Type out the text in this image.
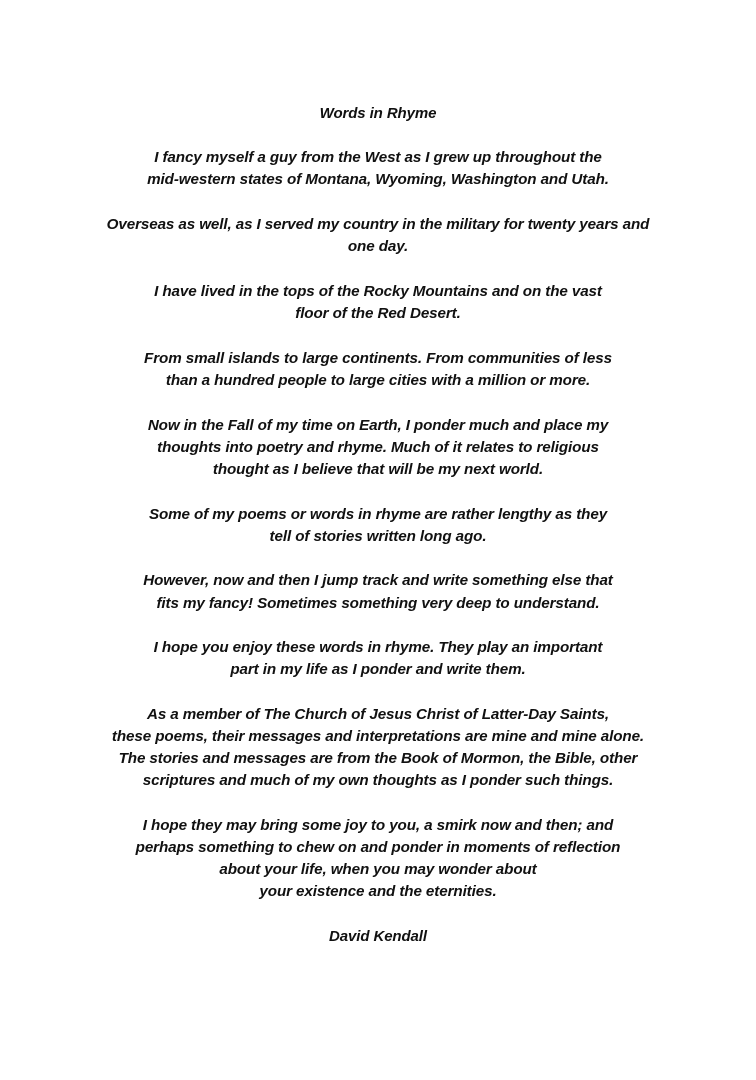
Words in Rhyme
I fancy myself a guy from the West as I grew up throughout the
mid-western states of Montana, Wyoming, Washington and Utah.
Overseas as well, as I served my country in the military for twenty years and
one day.
I have lived in the tops of the Rocky Mountains and on the vast
floor of the Red Desert.
From small islands to large continents. From communities of less
than a hundred people to large cities with a million or more.
Now in the Fall of my time on Earth, I ponder much and place my
thoughts into poetry and rhyme. Much of it relates to religious
thought as I believe that will be my next world.
Some of my poems or words in rhyme are rather lengthy as they
tell of stories written long ago.
However, now and then I jump track and write something else that
fits my fancy! Sometimes something very deep to understand.
I hope you enjoy these words in rhyme. They play an important
part in my life as I ponder and write them.
As a member of The Church of Jesus Christ of Latter-Day Saints,
these poems, their messages and interpretations are mine and mine alone.
The stories and messages are from the Book of Mormon, the Bible, other
scriptures and much of my own thoughts as I ponder such things.
I hope they may bring some joy to you, a smirk now and then; and
perhaps something to chew on and ponder in moments of reflection
about your life, when you may wonder about
your existence and the eternities.
David Kendall
